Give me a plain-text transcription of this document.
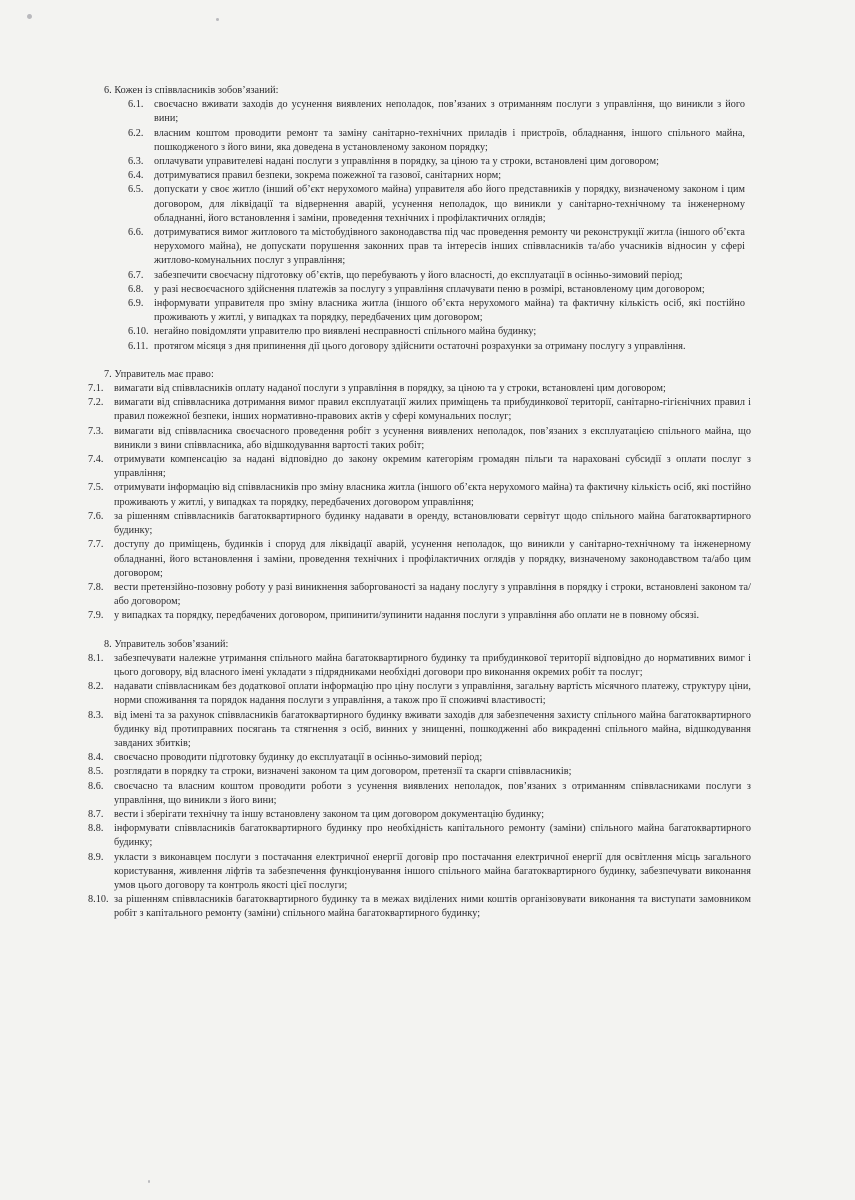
6. Кожен із співвласників зобов’язаний:

6.1.	своєчасно вживати заходів до усунення виявлених неполадок, пов’язаних з отриманням послуги з управління, що виникли з його вини;
6.2.	власним коштом проводити ремонт та заміну санітарно-технічних приладів і пристроїв, обладнання, іншого спільного майна, пошкодженого з його вини, яка доведена в установленому законом порядку;
6.3.	оплачувати управителеві надані послуги з управління в порядку, за ціною та у строки, встановлені цим договором;
6.4.	дотримуватися правил безпеки, зокрема пожежної та газової, санітарних норм;
6.5.	допускати у своє житло (інший об’єкт нерухомого майна) управителя або його представників у порядку, визначеному законом і цим договором, для ліквідації та відвернення аварій, усунення неполадок, що виникли у санітарно-технічному та інженерному обладнанні, його встановлення і заміни, проведення технічних і профілактичних оглядів;
6.6.	дотримуватися вимог житлового та містобудівного законодавства під час проведення ремонту чи реконструкції житла (іншого об’єкта нерухомого майна), не допускати порушення законних прав та інтересів інших співвласників та/або учасників відносин у сфері житлово-комунальних послуг з управління;
6.7.	забезпечити своєчасну підготовку об’єктів, що перебувають у його власності, до експлуатації в осінньо-зимовий період;
6.8.	у разі несвоєчасного здійснення платежів за послугу з управління сплачувати пеню в розмірі, встановленому цим договором;
6.9.	інформувати управителя про зміну власника житла (іншого об’єкта нерухомого майна) та фактичну кількість осіб, які постійно проживають у житлі, у випадках та порядку, передбачених цим договором;
6.10. негайно повідомляти управителю про виявлені несправності спільного майна будинку;
6.11. протягом місяця з дня припинення дії цього договору здійснити остаточні розрахунки за отриману послугу з управління.

7. Управитель має право:

7.1.	вимагати від співвласників оплату наданої послуги з управління в порядку, за ціною та у строки, встановлені цим договором;
7.2.	вимагати від співвласника дотримання вимог правил експлуатації жилих приміщень та прибудинкової території, санітарно-гігієнічних правил і правил пожежної безпеки, інших нормативно-правових актів у сфері комунальних послуг;
7.3.	вимагати від співвласника своєчасного проведення робіт з усунення виявлених неполадок, пов’язаних з експлуатацією спільного майна, що виникли з вини співвласника, або відшкодування вартості таких робіт;
7.4.	отримувати компенсацію за надані відповідно до закону окремим категоріям громадян пільги та нараховані субсидії з оплати послуг з управління;
7.5.	отримувати інформацію від співвласників про зміну власника житла (іншого об’єкта нерухомого майна) та фактичну кількість осіб, які постійно проживають у житлі, у випадках та порядку, передбачених договором управління;
7.6.	за рішенням співвласників багатоквартирного будинку надавати в оренду, встановлювати сервітут щодо спільного майна багатоквартирного будинку;
7.7.	доступу до приміщень, будинків і споруд для ліквідації аварій, усунення неполадок, що виникли у санітарно-технічному та інженерному обладнанні, його встановлення і заміни, проведення технічних і профілактичних оглядів у порядку, визначеному законодавством та/або цим договором;
7.8.	вести претензійно-позовну роботу у разі виникнення заборгованості за надану послугу з управління в порядку і строки, встановлені законом та/або договором;
7.9.	у випадках та порядку, передбачених договором, припинити/зупинити надання послуги з управління або оплати не в повному обсязі.

8. Управитель зобов’язаний:

8.1.	забезпечувати належне утримання спільного майна багатоквартирного будинку та прибудинкової території відповідно до нормативних вимог і цього договору, від власного імені укладати з підрядниками необхідні договори про виконання окремих робіт та послуг;
8.2.	надавати співвласникам без додаткової оплати інформацію про ціну послуги з управління, загальну вартість місячного платежу, структуру ціни, норми споживання та порядок надання послуги з управління, а також про її споживчі властивості;
8.3.	від імені та за рахунок співвласників багатоквартирного будинку вживати заходів для забезпечення захисту спільного майна багатоквартирного будинку від протиправних посягань та стягнення з осіб, винних у знищенні, пошкодженні або викраденні спільного майна, відшкодування завданих збитків;
8.4.	своєчасно проводити підготовку будинку до експлуатації в осінньо-зимовий період;
8.5.	розглядати в порядку та строки, визначені законом та цим договором, претензії та скарги співвласників;
8.6.	своєчасно та власним коштом проводити роботи з усунення виявлених неполадок, пов’язаних з отриманням співвласниками послуги з управління, що виникли з його вини;
8.7.	вести і зберігати технічну та іншу встановлену законом та цим договором документацію будинку;
8.8.	інформувати співвласників багатоквартирного будинку про необхідність капітального ремонту (заміни) спільного майна багатоквартирного будинку;
8.9.	укласти з виконавцем послуги з постачання електричної енергії договір про постачання електричної енергії для освітлення місць загального користування, живлення ліфтів та забезпечення функціонування іншого спільного майна багатоквартирного будинку, забезпечувати виконання умов цього договору та контроль якості цієї послуги;
8.10. за рішенням співвласників багатоквартирного будинку та в межах виділених ними коштів організовувати виконання та виступати замовником робіт з капітального ремонту (заміни) спільного майна багатоквартирного будинку;
